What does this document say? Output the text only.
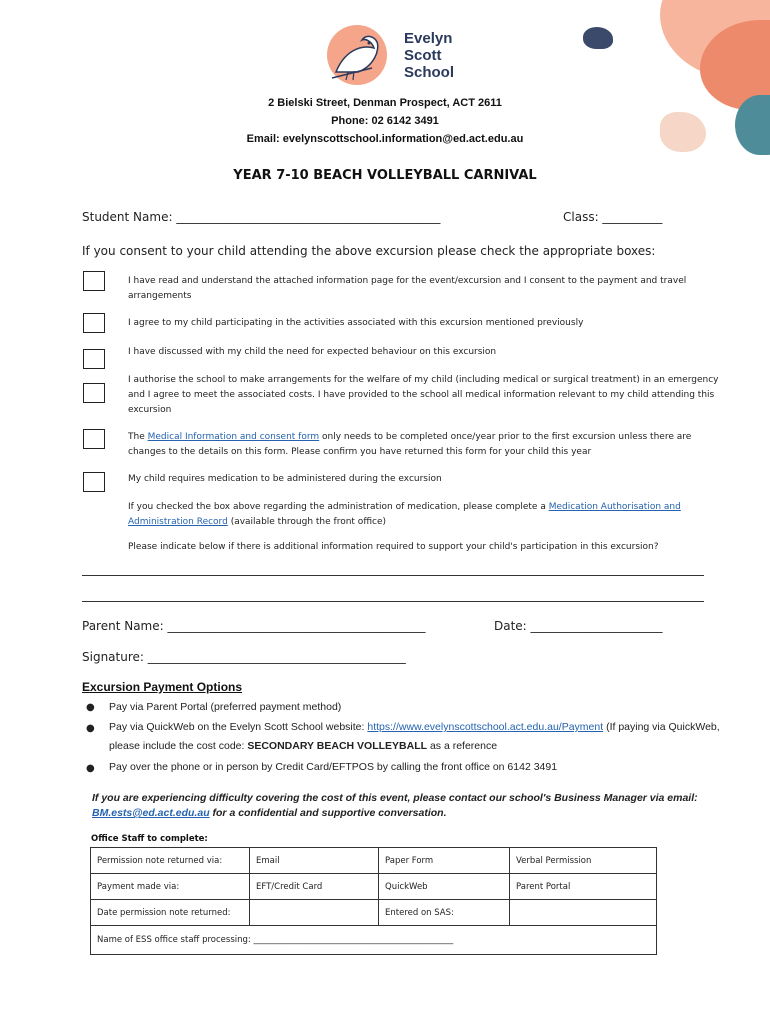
Evelyn
Scott
School
2 Bielski Street, Denman Prospect, ACT 2611
Phone: 02 6142 3491
Email: evelynscottschool.information@ed.act.edu.au
YEAR 7-10 BEACH VOLLEYBALL CARNIVAL
Student Name: ____________________________________________	Class: __________
If you consent to your child attending the above excursion please check the appropriate boxes:
I have read and understand the attached information page for the event/excursion and I consent to the payment and travel arrangements
I agree to my child participating in the activities associated with this excursion mentioned previously
I have discussed with my child the need for expected behaviour on this excursion
I authorise the school to make arrangements for the welfare of my child (including medical or surgical treatment) in an emergency and I agree to meet the associated costs. I have provided to the school all medical information relevant to my child attending this excursion
The Medical Information and consent form only needs to be completed once/year prior to the first excursion unless there are changes to the details on this form. Please confirm you have returned this form for your child this year
My child requires medication to be administered during the excursion
If you checked the box above regarding the administration of medication, please complete a Medication Authorisation and Administration Record (available through the front office)
Please indicate below if there is additional information required to support your child's participation in this excursion?
Parent Name: ___________________________________________	Date: ______________________
Signature: ___________________________________________
Excursion Payment Options
● Pay via Parent Portal (preferred payment method)
● Pay via QuickWeb on the Evelyn Scott School website: https://www.evelynscottschool.act.edu.au/Payment (If paying via QuickWeb, please include the cost code: SECONDARY BEACH VOLLEYBALL as a reference
● Pay over the phone or in person by Credit Card/EFTPOS by calling the front office on 6142 3491
If you are experiencing difficulty covering the cost of this event, please contact our school's Business Manager via email: BM.ests@ed.act.edu.au for a confidential and supportive conversation.
Office Staff to complete:
Permission note returned via:	Email	Paper Form	Verbal Permission
Payment made via:	EFT/Credit Card	QuickWeb	Parent Portal
Date permission note returned:		Entered on SAS:	
Name of ESS office staff processing: _______________________________________________			
